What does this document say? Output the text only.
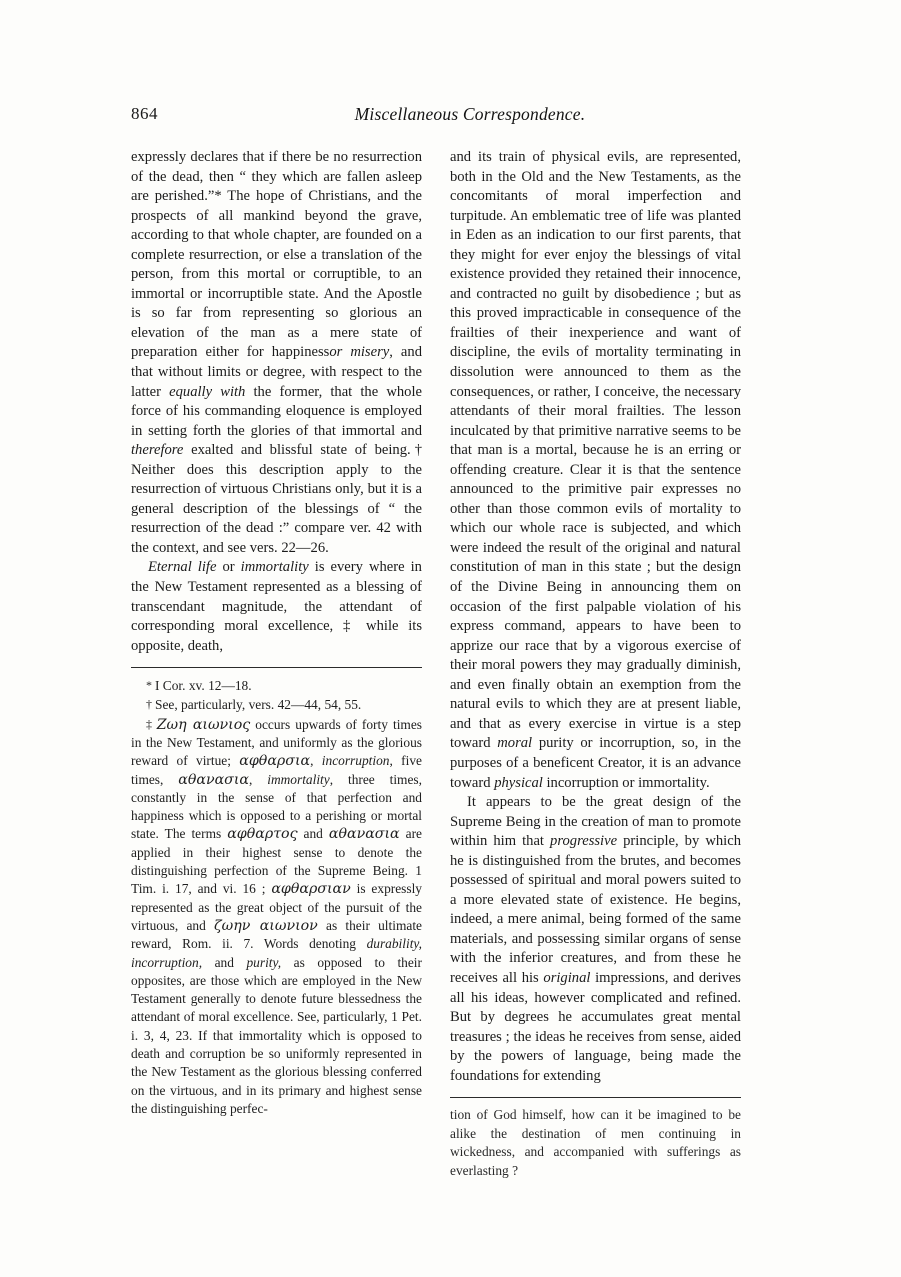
864	Miscellaneous Correspondence.

expressly declares that if there be no resurrection of the dead, then “ they which are fallen asleep are perished.”* The hope of Christians, and the prospects of all mankind beyond the grave, according to that whole chapter, are founded on a complete resurrection, or else a translation of the person, from this mortal or corruptible, to an immortal or incorruptible state. And the Apostle is so far from representing so glorious an elevation of the man as a mere state of preparation either for happinessor misery, and that without limits or degree, with respect to the latter equally with the former, that the whole force of his commanding eloquence is employed in setting forth the glories of that immortal and therefore exalted and blissful state of being.† Neither does this description apply to the resurrection of virtuous Christians only, but it is a general description of the blessings of “ the resurrection of the dead :” compare ver. 42 with the context, and see vers. 22—26.

Eternal life or immortality is every where in the New Testament represented as a blessing of transcendant magnitude, the attendant of corresponding moral excellence, ‡ while its opposite, death,

* I Cor. xv. 12—18.

† See, particularly, vers. 42—44, 54, 55.

‡ Ζωη αιωνιος occurs upwards of forty times in the New Testament, and uniformly as the glorious reward of virtue; αφθαρσια, incorruption, five times, αθανασια, immortality, three times, constantly in the sense of that perfection and happiness which is opposed to a perishing or mortal state. The terms αφθαρτος and αθανασια are applied in their highest sense to denote the distinguishing perfection of the Supreme Being. 1 Tim. i. 17, and vi. 16 ; αφθαρσιαν is expressly represented as the great object of the pursuit of the virtuous, and ζωην αιωνιον as their ultimate reward, Rom. ii. 7. Words denoting durability, incorruption, and purity, as opposed to their opposites, are those which are employed in the New Testament generally to denote future blessedness the attendant of moral excellence. See, particularly, 1 Pet. i. 3, 4, 23. If that immortality which is opposed to death and corruption be so uniformly represented in the New Testament as the glorious blessing conferred on the virtuous, and in its primary and highest sense the distinguishing perfec-

and its train of physical evils, are represented, both in the Old and the New Testaments, as the concomitants of moral imperfection and turpitude. An emblematic tree of life was planted in Eden as an indication to our first parents, that they might for ever enjoy the blessings of vital existence provided they retained their innocence, and contracted no guilt by disobedience ; but as this proved impracticable in consequence of the frailties of their inexperience and want of discipline, the evils of mortality terminating in dissolution were announced to them as the consequences, or rather, I conceive, the necessary attendants of their moral frailties. The lesson inculcated by that primitive narrative seems to be that man is a mortal, because he is an erring or offending creature. Clear it is that the sentence announced to the primitive pair expresses no other than those common evils of mortality to which our whole race is subjected, and which were indeed the result of the original and natural constitution of man in this state ; but the design of the Divine Being in announcing them on occasion of the first palpable violation of his express command, appears to have been to apprize our race that by a vigorous exercise of their moral powers they may gradually diminish, and even finally obtain an exemption from the natural evils to which they are at present liable, and that as every exercise in virtue is a step toward moral purity or incorruption, so, in the purposes of a beneficent Creator, it is an advance toward physical incorruption or immortality.

It appears to be the great design of the Supreme Being in the creation of man to promote within him that progressive principle, by which he is distinguished from the brutes, and becomes possessed of spiritual and moral powers suited to a more elevated state of existence. He begins, indeed, a mere animal, being formed of the same materials, and possessing similar organs of sense with the inferior creatures, and from these he receives all his original impressions, and derives all his ideas, however complicated and refined. But by degrees he accumulates great mental treasures ; the ideas he receives from sense, aided by the powers of language, being made the foundations for extending

tion of God himself, how can it be imagined to be alike the destination of men continuing in wickedness, and accompanied with sufferings as everlasting ?
